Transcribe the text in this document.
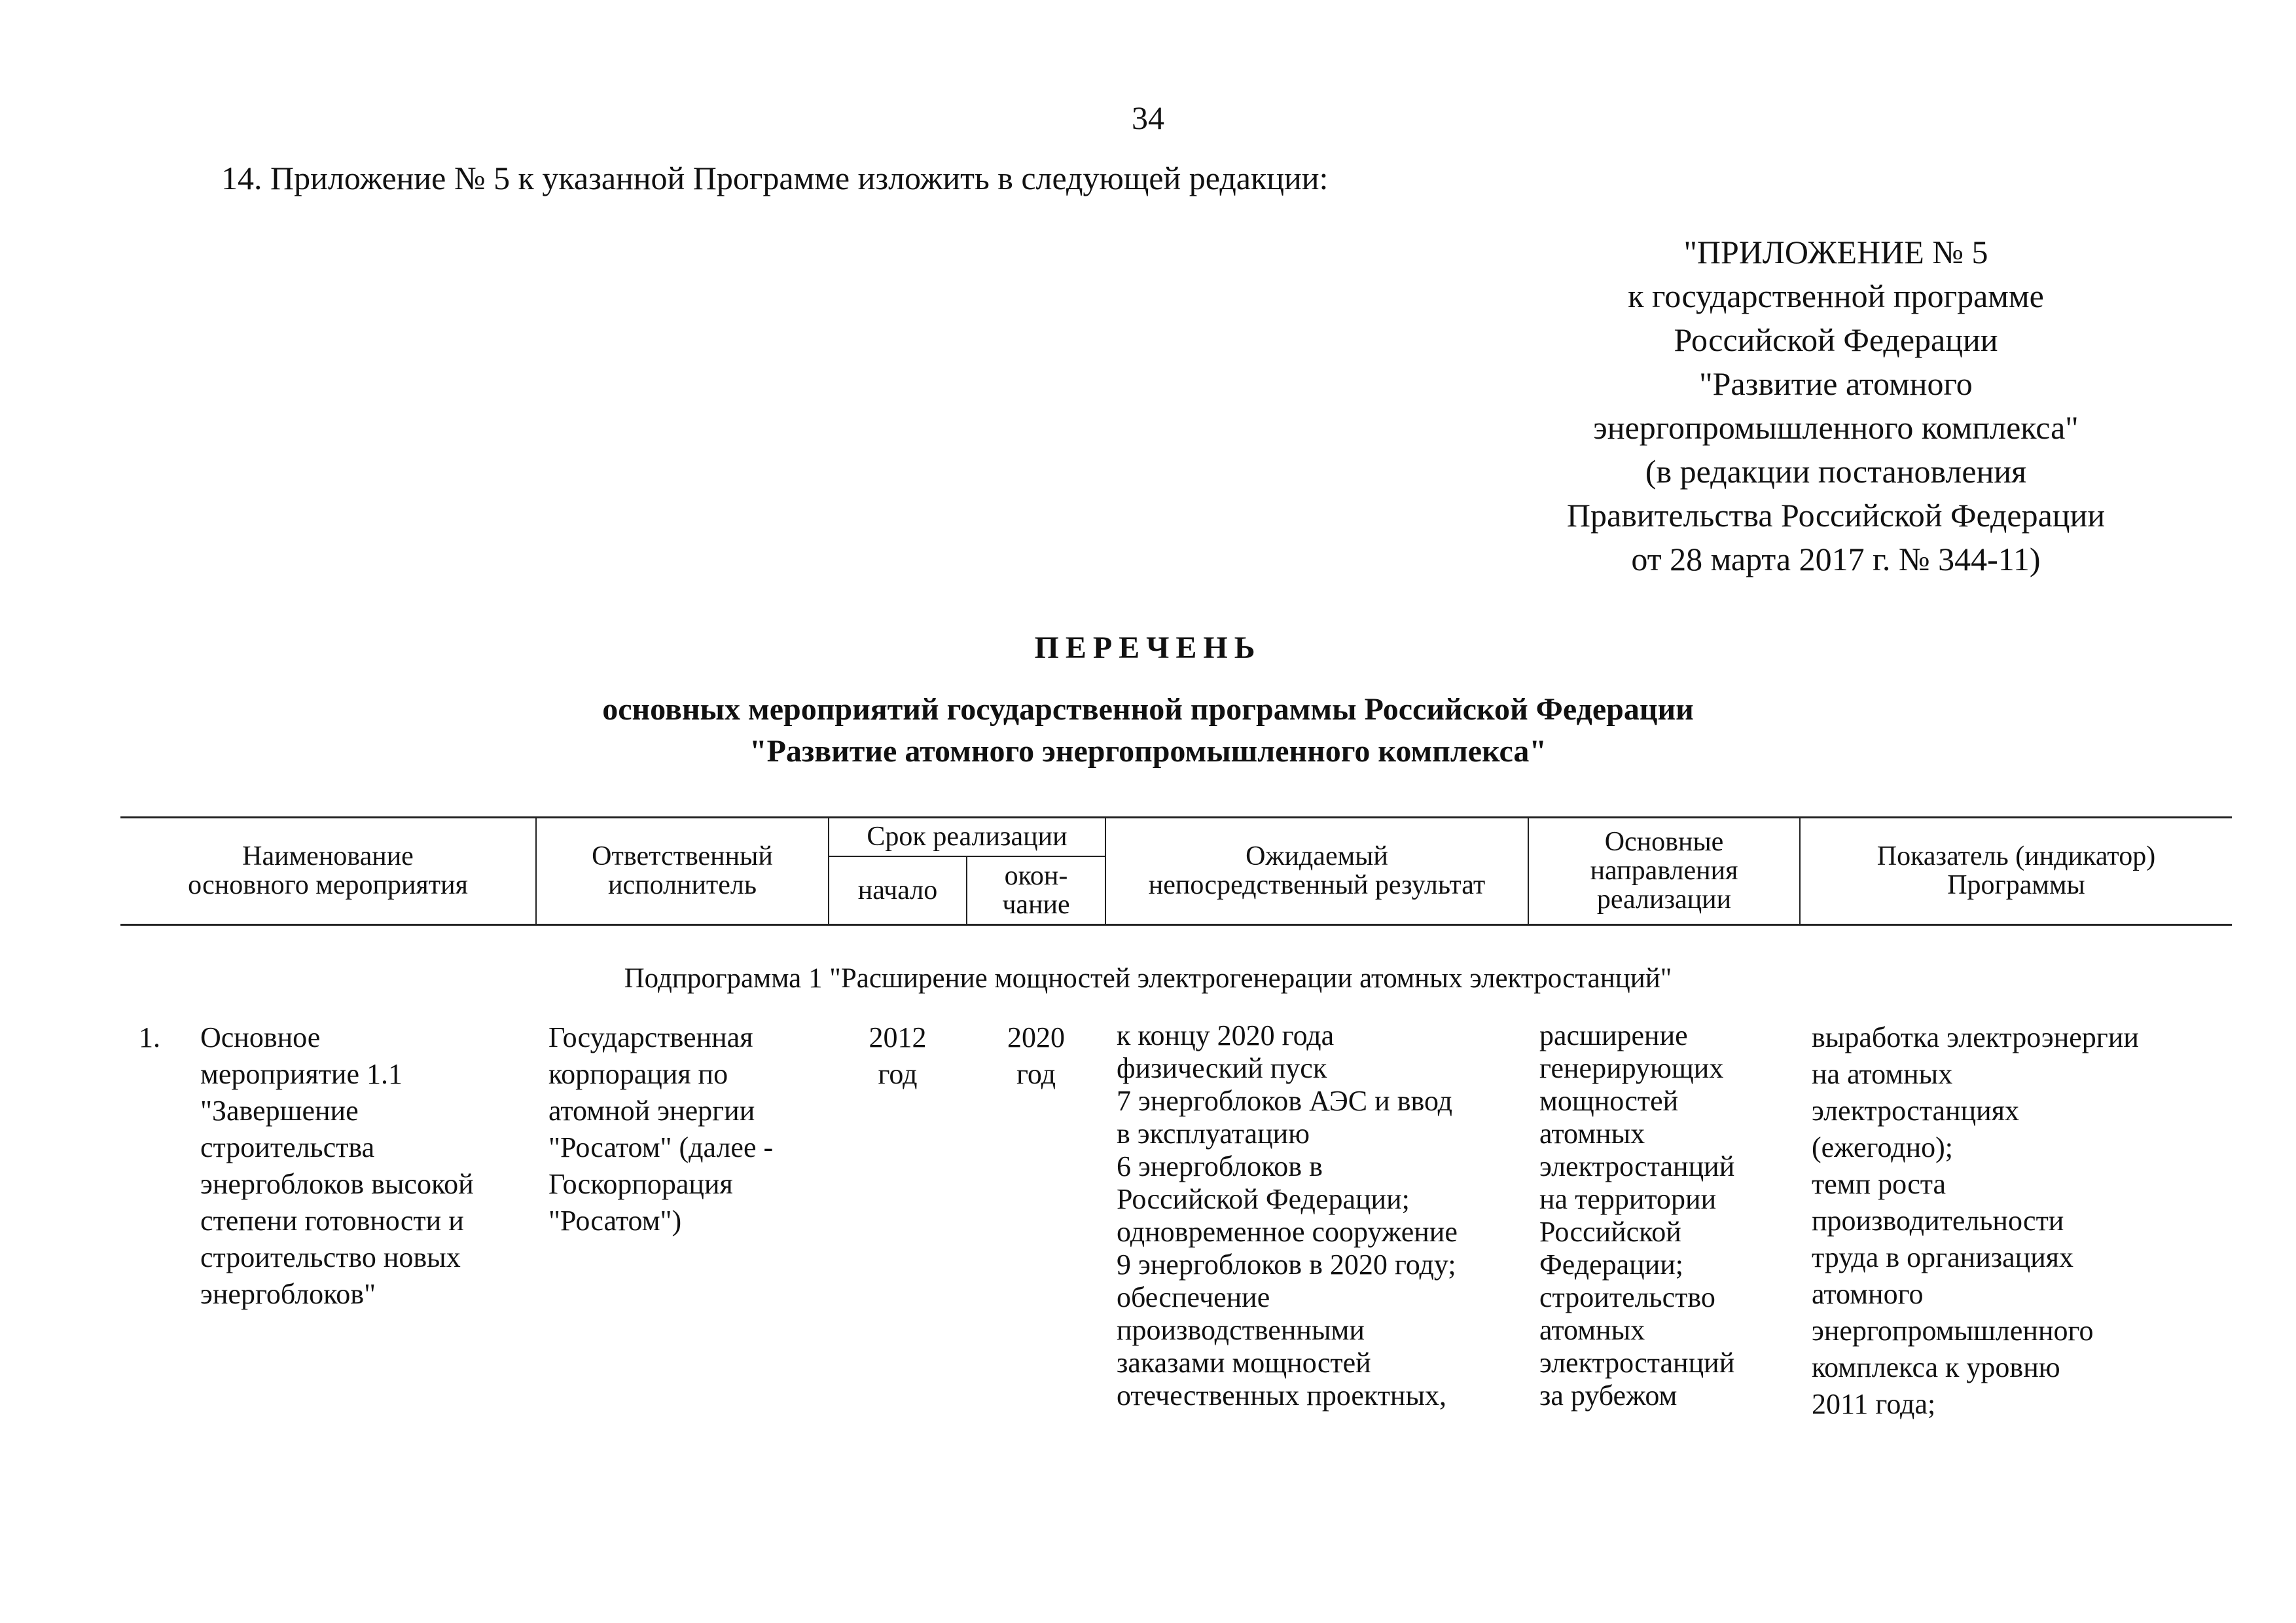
34
14. Приложение № 5 к указанной Программе изложить в следующей редакции:
"ПРИЛОЖЕНИЕ № 5
к государственной программе
Российской Федерации
"Развитие атомного
энергопромышленного комплекса"
(в редакции постановления
Правительства Российской Федерации
от 28 марта 2017 г. № 344-11)
ПЕРЕЧЕНЬ
основных мероприятий государственной программы Российской Федерации
"Развитие атомного энергопромышленного комплекса"
Наименование
основного мероприятия
Ответственный
исполнитель
Срок реализации
начало окон-
чание
Ожидаемый
непосредственный результат
Основные
направления
реализации
Показатель (индикатор)
Программы
Подпрограмма 1 "Расширение мощностей электрогенерации атомных электростанций"
1. Основное
мероприятие 1.1
"Завершение
строительства
энергоблоков высокой
степени готовности и
строительство новых
энергоблоков"
Государственная
корпорация по
атомной энергии
"Росатом" (далее -
Госкорпорация
"Росатом")
2012
год
2020
год
к концу 2020 года
физический пуск
7 энергоблоков АЭС и ввод
в эксплуатацию
6 энергоблоков в
Российской Федерации;
одновременное сооружение
9 энергоблоков в 2020 году;
обеспечение
производственными
заказами мощностей
отечественных проектных,
расширение
генерирующих
мощностей
атомных
электростанций
на территории
Российской
Федерации;
строительство
атомных
электростанций
за рубежом
выработка электроэнергии
на атомных
электростанциях
(ежегодно);
темп роста
производительности
труда в организациях
атомного
энергопромышленного
комплекса к уровню
2011 года;
